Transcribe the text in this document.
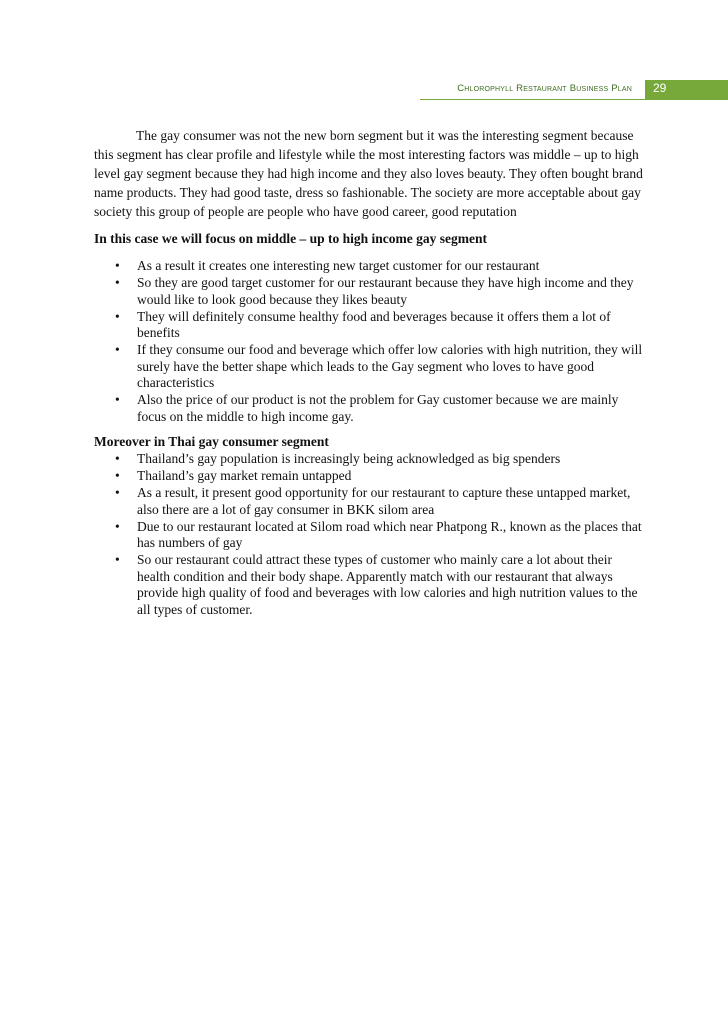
Chlorophyll Restaurant Business Plan 29

The gay consumer was not the new born segment but it was the interesting segment because this segment has clear profile and lifestyle while the most interesting factors was middle – up to high level gay segment because they had high income and they also loves beauty. They often bought brand name products. They had good taste, dress so fashionable. The society are more acceptable about gay society this group of people are people who have good career, good reputation

In this case we will focus on middle – up to high income gay segment

• As a result it creates one interesting new target customer for our restaurant
• So they are good target customer for our restaurant because they have high income and they would like to look good because they likes beauty
• They will definitely consume healthy food and beverages because it offers them a lot of benefits
• If they consume our food and beverage which offer low calories with high nutrition, they will surely have the better shape which leads to the Gay segment who loves to have good characteristics
• Also the price of our product is not the problem for Gay customer because we are mainly focus on the middle to high income gay.

Moreover in Thai gay consumer segment

• Thailand’s gay population is increasingly being acknowledged as big spenders
• Thailand’s gay market remain untapped
• As a result, it present good opportunity for our restaurant to capture these untapped market, also there are a lot of gay consumer in BKK silom area
• Due to our restaurant located at Silom road which near Phatpong R., known as the places that has numbers of gay
• So our restaurant could attract these types of customer who mainly care a lot about their health condition and their body shape. Apparently match with our restaurant that always provide high quality of food and beverages with low calories and high nutrition values to the all types of customer.
